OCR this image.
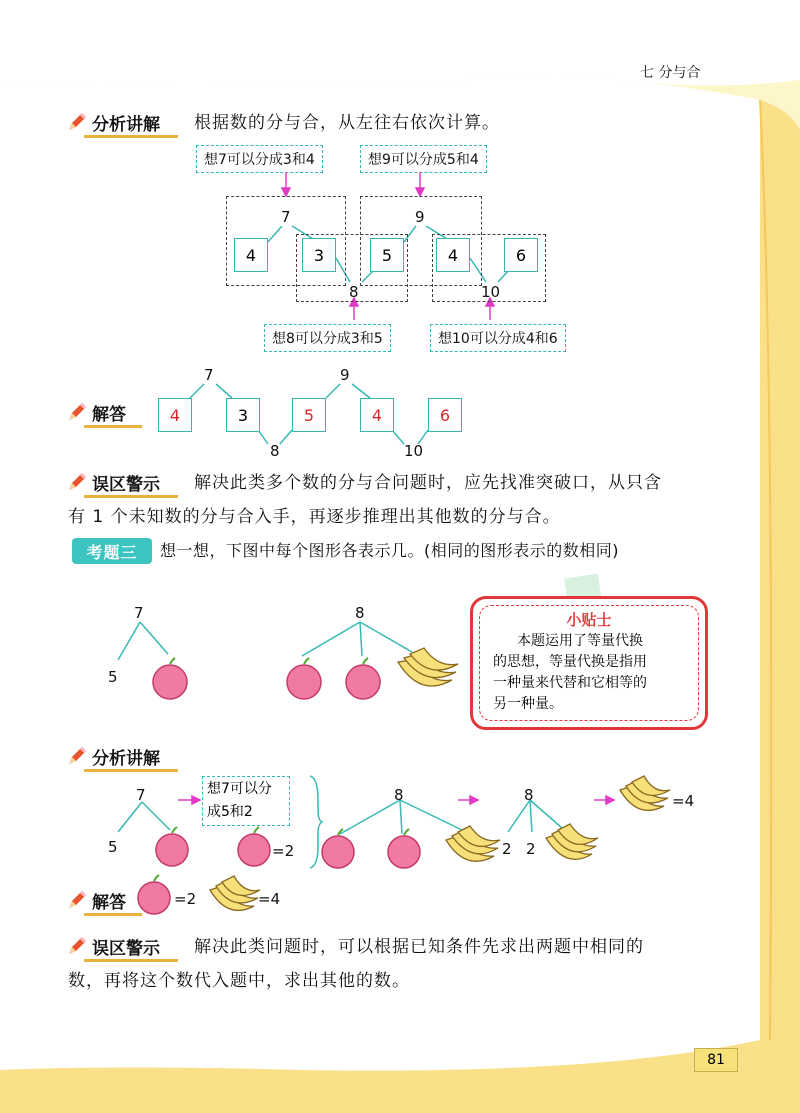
七 分与合
分析讲解 根据数的分与合，从左往右依次计算。
想7可以分成3和4	想9可以分成5和4
想8可以分成3和5	想10可以分成4和6
7	9
8	10
4	3	5	4	6
解答
7	9
8	10
4	3	5	4	6
误区警示 解决此类多个数的分与合问题时，应先找准突破口，从只含
有 1 个未知数的分与合入手，再逐步推理出其他数的分与合。
考题三	想一想，下图中每个图形各表示几。(相同的图形表示的数相同)
7
5
8	小贴士
本题运用了等量代换
的思想，等量代换是指用
一种量来代替和它相等的
另一种量。
分析讲解
7
5
想7可以分
成5和2
=2
8	8
2 2
=4
解答	=2	=4
误区警示 解决此类问题时，可以根据已知条件先求出两题中相同的
数，再将这个数代入题中，求出其他的数。
81
